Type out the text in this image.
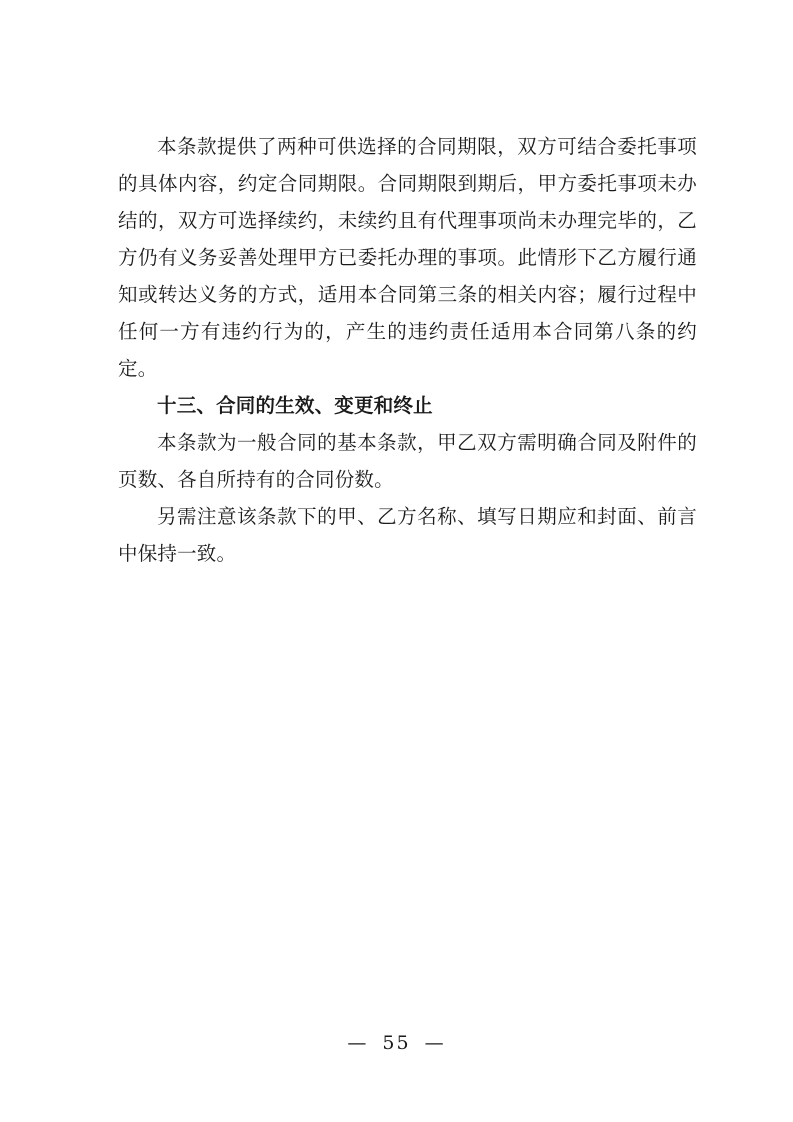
本条款提供了两种可供选择的合同期限，双方可结合委托事项的具体内容，约定合同期限。合同期限到期后，甲方委托事项未办结的，双方可选择续约，未续约且有代理事项尚未办理完毕的，乙方仍有义务妥善处理甲方已委托办理的事项。此情形下乙方履行通知或转达义务的方式，适用本合同第三条的相关内容；履行过程中任何一方有违约行为的，产生的违约责任适用本合同第八条的约定。

十三、合同的生效、变更和终止

本条款为一般合同的基本条款，甲乙双方需明确合同及附件的页数、各自所持有的合同份数。

另需注意该条款下的甲、乙方名称、填写日期应和封面、前言中保持一致。

— 55 —
